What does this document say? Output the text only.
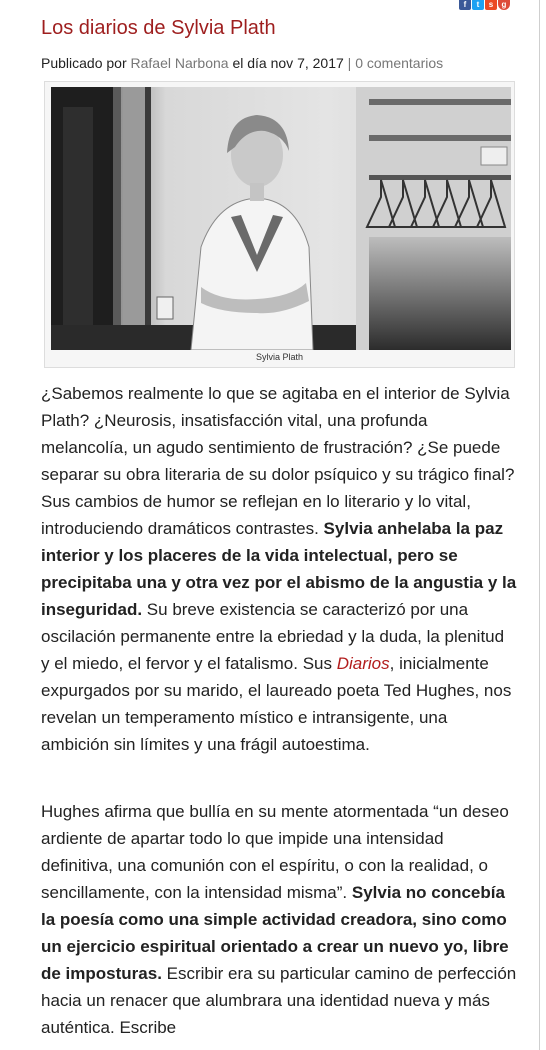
f	t	s	g
Los diarios de Sylvia Plath
Publicado por Rafael Narbona el día nov 7, 2017 | 0 comentarios
Sylvia Plath

¿Sabemos realmente lo que se agitaba en el interior de Sylvia Plath? ¿Neurosis, insatisfacción vital, una profunda melancolía, un agudo sentimiento de frustración? ¿Se puede separar su obra literaria de su dolor psíquico y su trágico final? Sus cambios de humor se reflejan en lo literario y lo vital, introduciendo dramáticos contrastes. Sylvia anhelaba la paz interior y los placeres de la vida intelectual, pero se precipitaba una y otra vez por el abismo de la angustia y la inseguridad. Su breve existencia se caracterizó por una oscilación permanente entre la ebriedad y la duda, la plenitud y el miedo, el fervor y el fatalismo. Sus Diarios, inicialmente expurgados por su marido, el laureado poeta Ted Hughes, nos revelan un temperamento místico e intransigente, una ambición sin límites y una frágil autoestima.

Hughes afirma que bullía en su mente atormentada “un deseo ardiente de apartar todo lo que impide una intensidad definitiva, una comunión con el espíritu, o con la realidad, o sencillamente, con la intensidad misma”. Sylvia no concebía la poesía como una simple actividad creadora, sino como un ejercicio espiritual orientado a crear un nuevo yo, libre de imposturas. Escribir era su particular camino de perfección hacia un renacer que alumbrara una identidad nueva y más auténtica. Escribe
